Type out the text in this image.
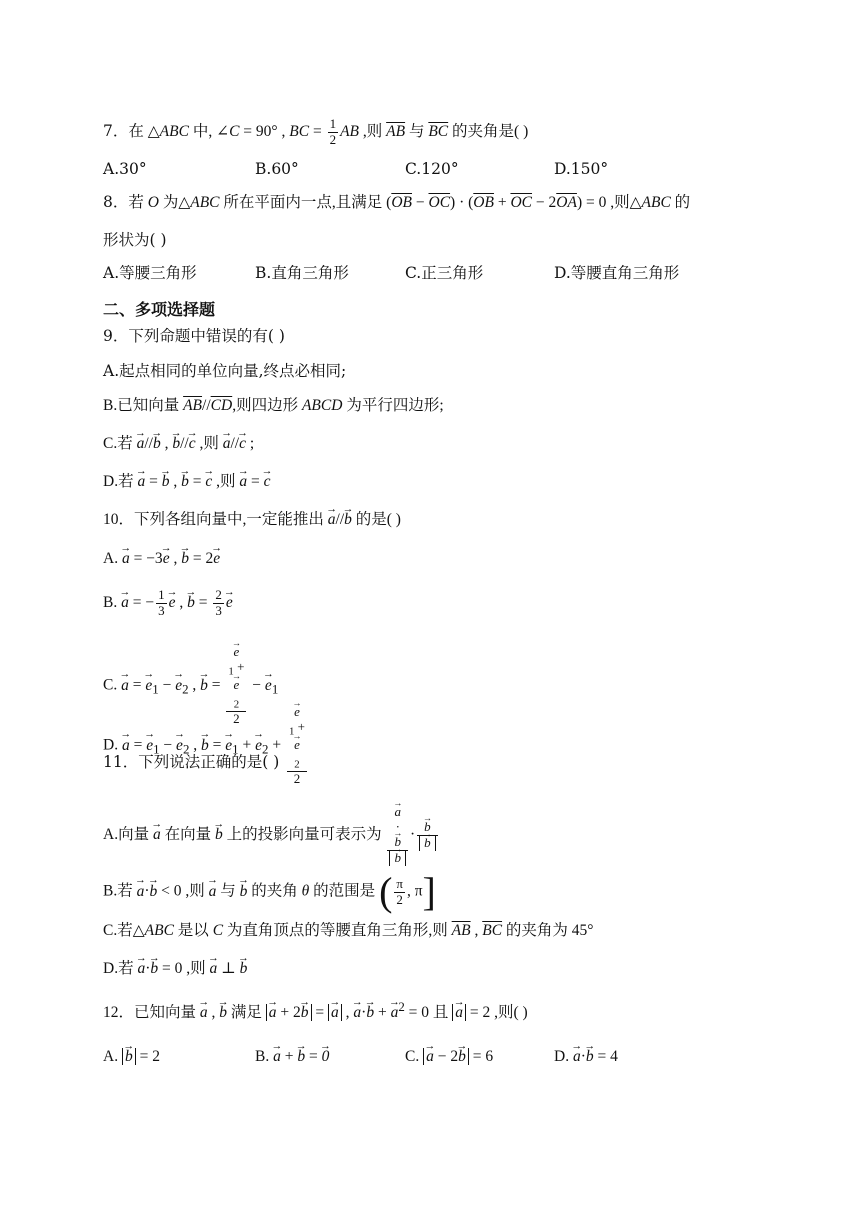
7．在 △ABC 中, ∠C = 90° , BC = $\frac{1}{2}$ AB ,则 $\overline{AB}$ 与 $\overline{BC}$ 的夹角是( )
A.30°	B.60°	C.120°	D.150°
8．若 O 为△ABC 所在平面内一点,且满足 $(\overline{OB} - \overline{OC}) \cdot (\overline{OB} + \overline{OC} - 2\overline{OA}) = 0$ ,则△ABC 的
形状为( )
A.等腰三角形	B.直角三角形	C.正三角形	D.等腰直角三角形
二、多项选择题
9．下列命题中错误的有( )
A.起点相同的单位向量,终点必相同;
B.已知向量 $\overline{AB}//\overline{CD}$,则四边形 ABCD 为平行四边形;
C.若 → a//→ b , → b//→ c ,则 → a//→ c ;
D.若 → a = → b , → b = → c ,则 → a = → c
10．下列各组向量中,一定能推出 → a//→ b 的是( )
A. → a = −3→ e , → b = 2→ e
B. → a = − $\frac{1}{3} \to e$ , → $b = \frac{2}{3} \to e$
C. → a = → $e_1$ − → $e_2$ , → b = → e
$_1$ +
→ e
$_2$
2 − → $e_1$
D. → a = → $e_1$ − → $e_2$ , → b = → $e_1$ + → $e_2$ + → e
$_1$ +
→ e
$_2$
2
11．下列说法正确的是( )
A.向量 → a 在向量 → b 上的投影向量可表示为 → a
·
→ b
→ b · → b
→ b
B.若 → a·→ b < 0 ,则 → a 与 → b 的夹角 θ 的范围是 ( $\frac{\pi}{2}$ , π]
C.若△ABC 是以 C 为直角顶点的等腰直角三角形,则 $\overline{AB}$ , $\overline{BC}$ 的夹角为 45°
D.若 → a·→ b = 0 ,则 → a ⊥ → b
12．已知向量 → a , → b 满足 → a + 2→ b = → a , → a·→ b + → $a^2 = 0$ 且 → a = 2 ,则( )
A. → b = 2	B. → a + → b = → 0	C. → a − 2→ b = 6	D. → a·→ b = 4
